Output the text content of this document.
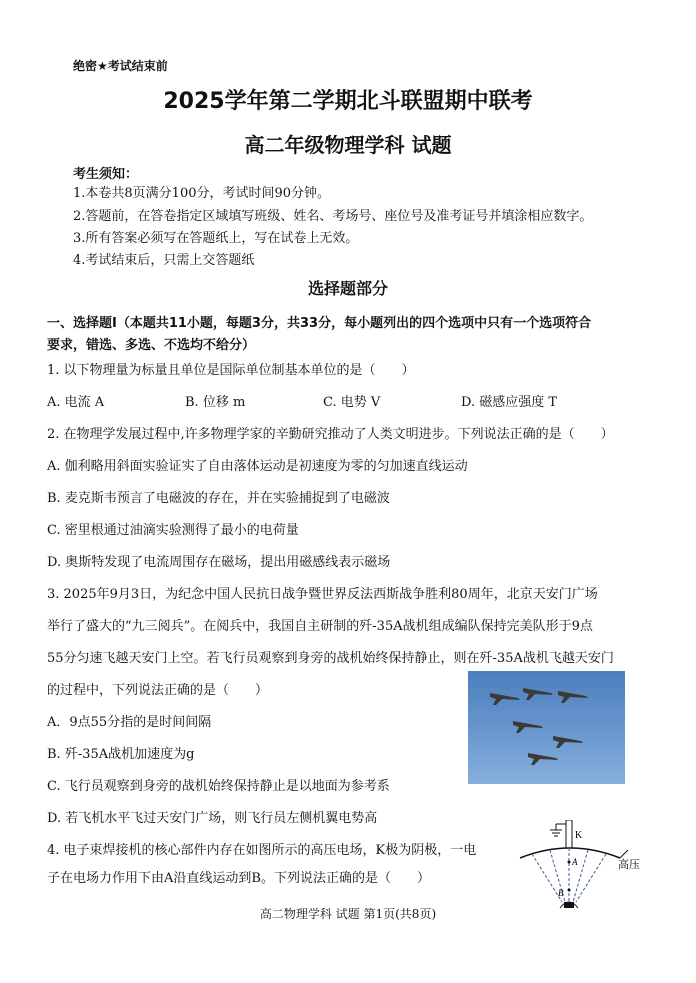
绝密★考试结束前
2025学年第二学期北斗联盟期中联考
高二年级物理学科 试题
考生须知：
1.本卷共8页满分100分，考试时间90分钟。
2.答题前，在答卷指定区域填写班级、姓名、考场号、座位号及准考证号并填涂相应数字。
3.所有答案必须写在答题纸上，写在试卷上无效。
4.考试结束后，只需上交答题纸
选择题部分
一、选择题Ⅰ（本题共11小题，每题3分，共33分，每小题列出的四个选项中只有一个选项符合
要求，错选、多选、不选均不给分）
1. 以下物理量为标量且单位是国际单位制基本单位的是（　　）
A. 电流 A	B. 位移 m	C. 电势 V	D. 磁感应强度 T
2. 在物理学发展过程中,许多物理学家的辛勤研究推动了人类文明进步。下列说法正确的是（　　）
A. 伽利略用斜面实验证实了自由落体运动是初速度为零的匀加速直线运动
B. 麦克斯韦预言了电磁波的存在，并在实验捕捉到了电磁波
C. 密里根通过油滴实验测得了最小的电荷量
D. 奥斯特发现了电流周围存在磁场，提出用磁感线表示磁场
3. 2025年9月3日，为纪念中国人民抗日战争暨世界反法西斯战争胜利80周年，北京天安门广场
举行了盛大的“九三阅兵”。在阅兵中，我国自主研制的歼-35A战机组成编队保持完美队形于9点
55分匀速飞越天安门上空。若飞行员观察到身旁的战机始终保持静止，则在歼-35A战机飞越天安门
的过程中，下列说法正确的是（　　）
A．9点55分指的是时间间隔
B. 歼-35A战机加速度为g
C. 飞行员观察到身旁的战机始终保持静止是以地面为参考系
D. 若飞机水平飞过天安门广场，则飞行员左侧机翼电势高
4. 电子束焊接机的核心部件内存在如图所示的高压电场，K极为阴极，一电
子在电场力作用下由A沿直线运动到B。下列说法正确的是（　　）
K
A
B
高压
高二物理学科 试题 第1页(共8页)
